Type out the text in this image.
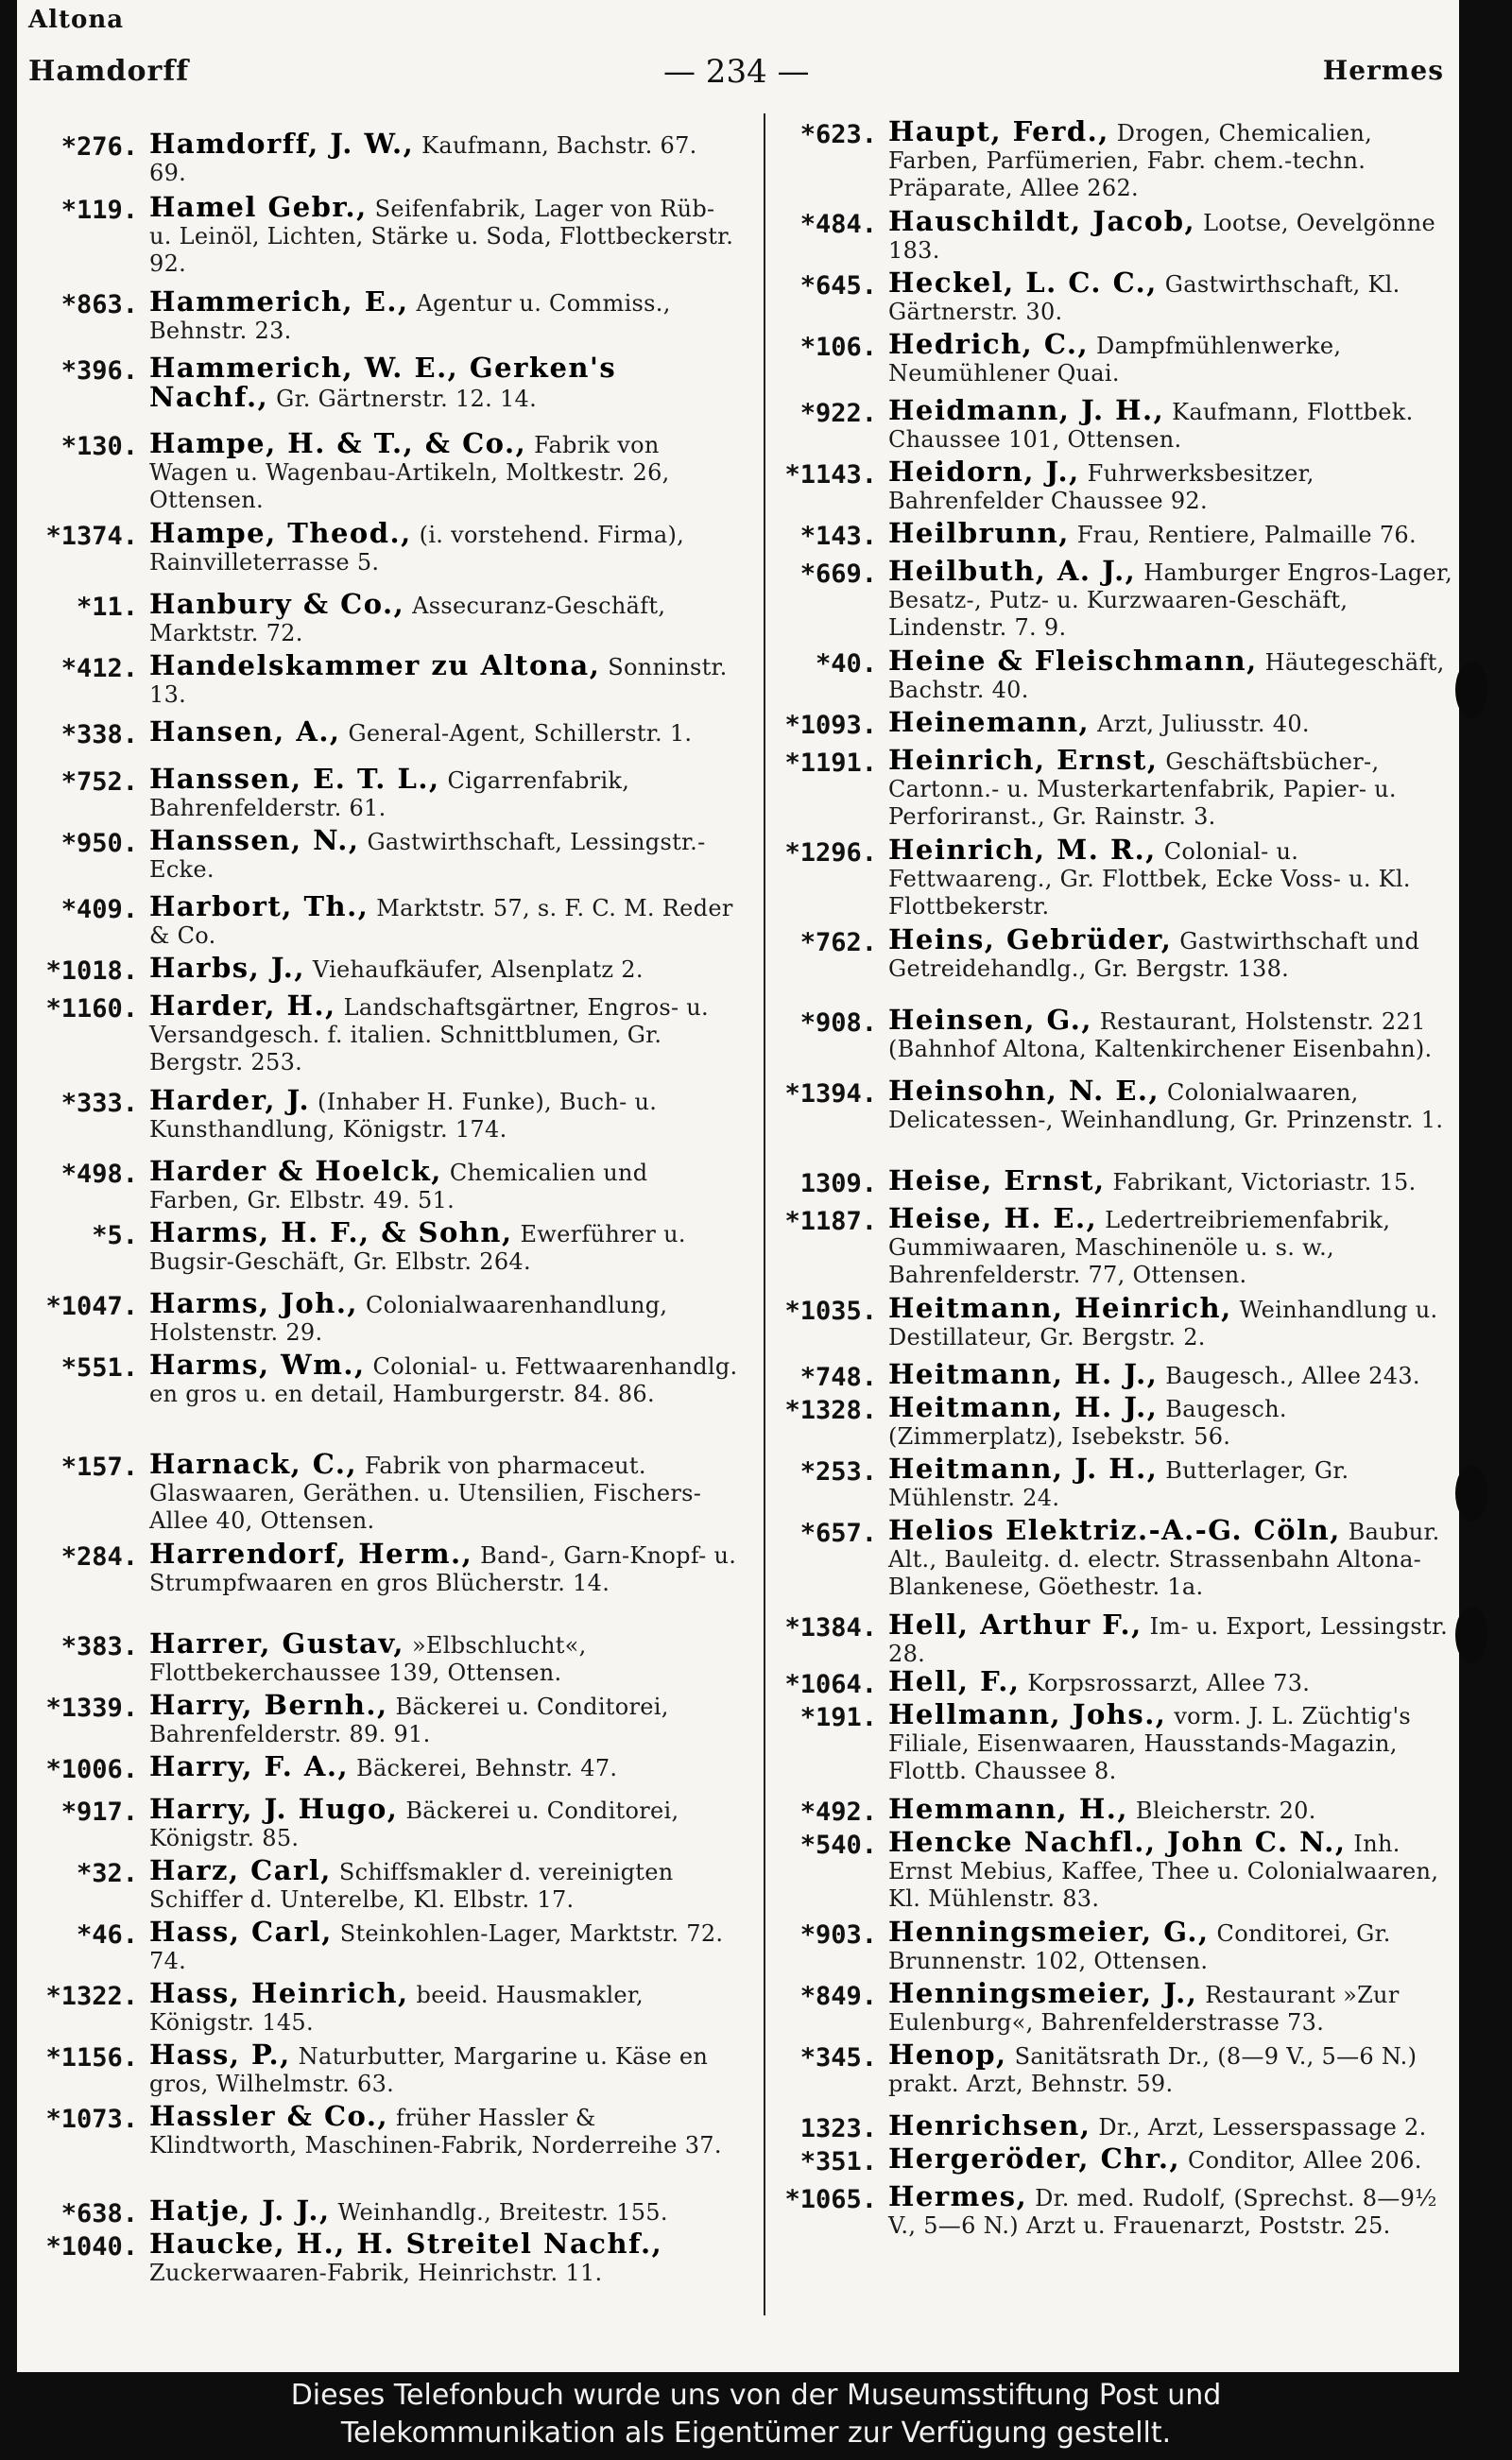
Altona
Hamdorff	— 234 —	Hermes
*276. Hamdorff, J. W., Kaufmann, Bachstr. 67. 69.
*119. Hamel Gebr., Seifenfabrik, Lager von Rüb- u. Leinöl, Lichten, Stärke u. Soda, Flottbeckerstr. 92.
*863. Hammerich, E., Agentur u. Commiss., Behnstr. 23.
*396. Hammerich, W. E., Gerken's Nachf., Gr. Gärtnerstr. 12. 14.
*130. Hampe, H. & T., & Co., Fabrik von Wagen u. Wagenbau-Artikeln, Moltkestr. 26, Ottensen.
*1374. Hampe, Theod., (i. vorstehend. Firma), Rainvilleterrasse 5.
*11. Hanbury & Co., Assecuranz-Geschäft, Marktstr. 72.
*412. Handelskammer zu Altona, Sonninstr. 13.
*338. Hansen, A., General-Agent, Schillerstr. 1.
*752. Hanssen, E. T. L., Cigarrenfabrik, Bahrenfelderstr. 61.
*950. Hanssen, N., Gastwirthschaft, Lessingstr.-Ecke.
*409. Harbort, Th., Marktstr. 57, s. F. C. M. Reder & Co.
*1018. Harbs, J., Viehaufkäufer, Alsenplatz 2.
*1160. Harder, H., Landschaftsgärtner, Engros- u. Versandgesch. f. italien. Schnittblumen, Gr. Bergstr. 253.
*333. Harder, J. (Inhaber H. Funke), Buch- u. Kunsthandlung, Königstr. 174.
*498. Harder & Hoelck, Chemicalien und Farben, Gr. Elbstr. 49. 51.
*5. Harms, H. F., & Sohn, Ewerführer u. Bugsir-Geschäft, Gr. Elbstr. 264.
*1047. Harms, Joh., Colonialwaarenhandlung, Holstenstr. 29.
*551. Harms, Wm., Colonial- u. Fettwaarenhandlg. en gros u. en detail, Hamburgerstr. 84. 86.
*157. Harnack, C., Fabrik von pharmaceut. Glaswaaren, Geräthen. u. Utensilien, Fischers-Allee 40, Ottensen.
*284. Harrendorf, Herm., Band-, Garn-Knopf- u. Strumpfwaaren en gros Blücherstr. 14.
*383. Harrer, Gustav, »Elbschlucht«, Flottbekerchaussee 139, Ottensen.
*1339. Harry, Bernh., Bäckerei u. Conditorei, Bahrenfelderstr. 89. 91.
*1006. Harry, F. A., Bäckerei, Behnstr. 47.
*917. Harry, J. Hugo, Bäckerei u. Conditorei, Königstr. 85.
*32. Harz, Carl, Schiffsmakler d. vereinigten Schiffer d. Unterelbe, Kl. Elbstr. 17.
*46. Hass, Carl, Steinkohlen-Lager, Marktstr. 72. 74.
*1322. Hass, Heinrich, beeid. Hausmakler, Königstr. 145.
*1156. Hass, P., Naturbutter, Margarine u. Käse en gros, Wilhelmstr. 63.
*1073. Hassler & Co., früher Hassler & Klindtworth, Maschinen-Fabrik, Norderreihe 37.
*638. Hatje, J. J., Weinhandlg., Breitestr. 155.
*1040. Haucke, H., H. Streitel Nachf., Zuckerwaaren-Fabrik, Heinrichstr. 11.
*623. Haupt, Ferd., Drogen, Chemicalien, Farben, Parfümerien, Fabr. chem.-techn. Präparate, Allee 262.
*484. Hauschildt, Jacob, Lootse, Oevelgönne 183.
*645. Heckel, L. C. C., Gastwirthschaft, Kl. Gärtnerstr. 30.
*106. Hedrich, C., Dampfmühlenwerke, Neumühlener Quai.
*922. Heidmann, J. H., Kaufmann, Flottbek. Chaussee 101, Ottensen.
*1143. Heidorn, J., Fuhrwerksbesitzer, Bahrenfelder Chaussee 92.
*143. Heilbrunn, Frau, Rentiere, Palmaille 76.
*669. Heilbuth, A. J., Hamburger Engros-Lager, Besatz-, Putz- u. Kurzwaaren-Geschäft, Lindenstr. 7. 9.
*40. Heine & Fleischmann, Häutegeschäft, Bachstr. 40.
*1093. Heinemann, Arzt, Juliusstr. 40.
*1191. Heinrich, Ernst, Geschäftsbücher-, Cartonn.- u. Musterkartenfabrik, Papier- u. Perforiranst., Gr. Rainstr. 3.
*1296. Heinrich, M. R., Colonial- u. Fettwaareng., Gr. Flottbek, Ecke Voss- u. Kl. Flottbekerstr.
*762. Heins, Gebrüder, Gastwirthschaft und Getreidehandlg., Gr. Bergstr. 138.
*908. Heinsen, G., Restaurant, Holstenstr. 221 (Bahnhof Altona, Kaltenkirchener Eisenbahn).
*1394. Heinsohn, N. E., Colonialwaaren, Delicatessen-, Weinhandlung, Gr. Prinzenstr. 1.
1309. Heise, Ernst, Fabrikant, Victoriastr. 15.
*1187. Heise, H. E., Ledertreibriemenfabrik, Gummiwaaren, Maschinenöle u. s. w., Bahrenfelderstr. 77, Ottensen.
*1035. Heitmann, Heinrich, Weinhandlung u. Destillateur, Gr. Bergstr. 2.
*748. Heitmann, H. J., Baugesch., Allee 243.
*1328. Heitmann, H. J., Baugesch. (Zimmerplatz), Isebekstr. 56.
*253. Heitmann, J. H., Butterlager, Gr. Mühlenstr. 24.
*657. Helios Elektriz.-A.-G. Cöln, Baubur. Alt., Bauleitg. d. electr. Strassenbahn Altona-Blankenese, Göethestr. 1a.
*1384. Hell, Arthur F., Im- u. Export, Lessingstr. 28.
*1064. Hell, F., Korpsrossarzt, Allee 73.
*191. Hellmann, Johs., vorm. J. L. Züchtig's Filiale, Eisenwaaren, Hausstands-Magazin, Flottb. Chaussee 8.
*492. Hemmann, H., Bleicherstr. 20.
*540. Hencke Nachfl., John C. N., Inh. Ernst Mebius, Kaffee, Thee u. Colonialwaaren, Kl. Mühlenstr. 83.
*903. Henningsmeier, G., Conditorei, Gr. Brunnenstr. 102, Ottensen.
*849. Henningsmeier, J., Restaurant »Zur Eulenburg«, Bahrenfelderstrasse 73.
*345. Henop, Sanitätsrath Dr., (8—9 V., 5—6 N.) prakt. Arzt, Behnstr. 59.
1323. Henrichsen, Dr., Arzt, Lesserspassage 2.
*351. Hergeröder, Chr., Conditor, Allee 206.
*1065. Hermes, Dr. med. Rudolf, (Sprechst. 8—9½ V., 5—6 N.) Arzt u. Frauenarzt, Poststr. 25.
Dieses Telefonbuch wurde uns von der Museumsstiftung Post und
Telekommunikation als Eigentümer zur Verfügung gestellt.
